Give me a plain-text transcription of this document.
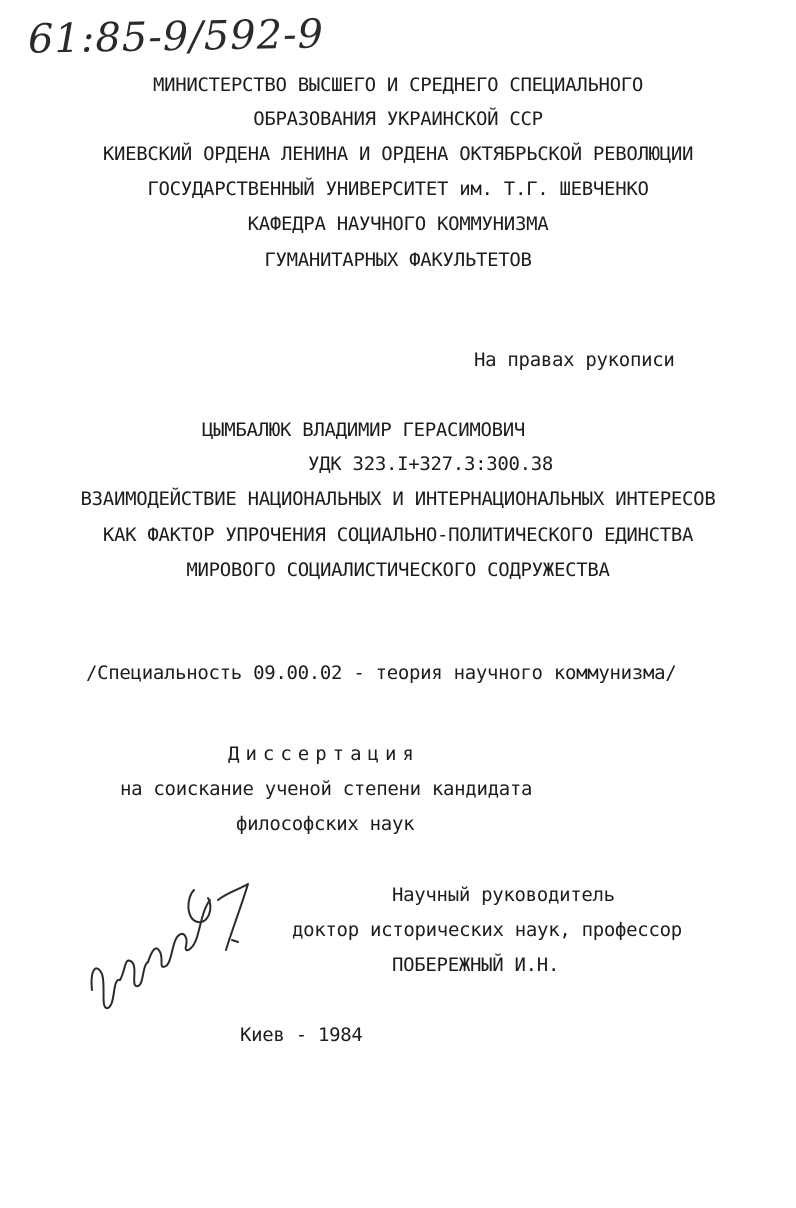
61:85-9/592-9
МИНИСТЕРСТВО ВЫСШЕГО И СРЕДНЕГО СПЕЦИАЛЬНОГО
ОБРАЗОВАНИЯ УКРАИНСКОЙ ССР
КИЕВСКИЙ ОРДЕНА ЛЕНИНА И ОРДЕНА ОКТЯБРЬСКОЙ РЕВОЛЮЦИИ
ГОСУДАРСТВЕННЫЙ УНИВЕРСИТЕТ им. Т.Г. ШЕВЧЕНКО
КАФЕДРА НАУЧНОГО КОММУНИЗМА
ГУМАНИТАРНЫХ ФАКУЛЬТЕТОВ
На правах рукописи
ЦЫМБАЛЮК ВЛАДИМИР ГЕРАСИМОВИЧ
УДК 323.I+327.3:300.38
ВЗАИМОДЕЙСТВИЕ НАЦИОНАЛЬНЫХ И ИНТЕРНАЦИОНАЛЬНЫХ ИНТЕРЕСОВ
КАК ФАКТОР УПРОЧЕНИЯ СОЦИАЛЬНО-ПОЛИТИЧЕСКОГО ЕДИНСТВА
МИРОВОГО СОЦИАЛИСТИЧЕСКОГО СОДРУЖЕСТВА
/Специальность 09.00.02 - теория научного коммунизма/
Диссертация
на соискание ученой степени кандидата
философских наук
Научный руководитель
доктор исторических наук, профессор
ПОБЕРЕЖНЫЙ И.Н.
Киев - 1984
